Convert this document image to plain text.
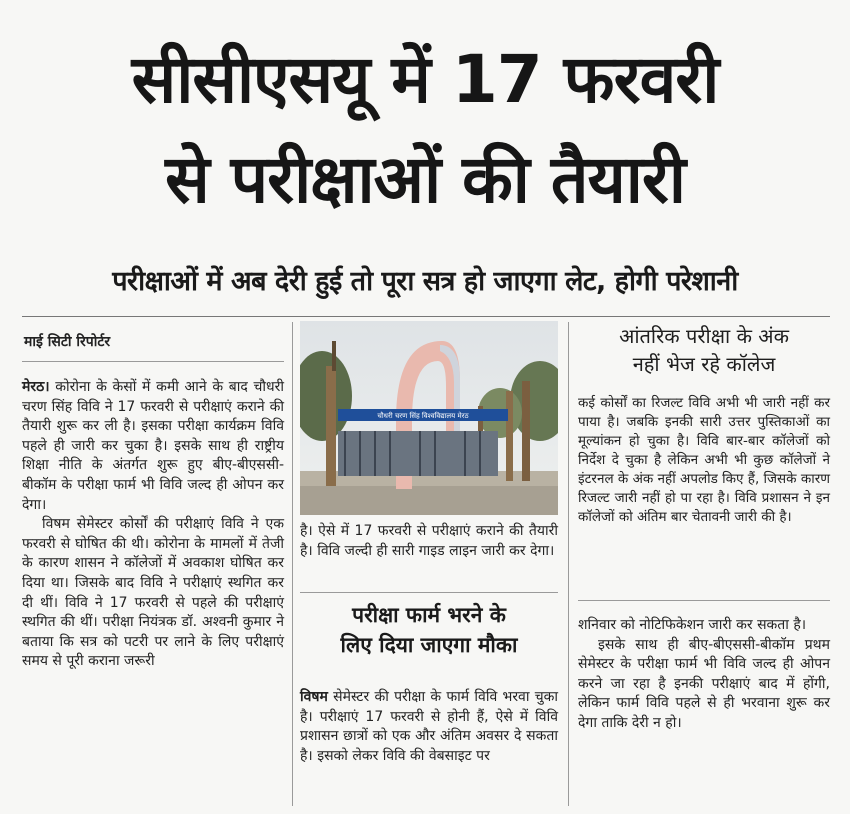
सीसीएसयू में 17 फरवरी
से परीक्षाओं की तैयारी
परीक्षाओं में अब देरी हुई तो पूरा सत्र हो जाएगा लेट, होगी परेशानी
माई सिटी रिपोर्टर

मेरठ। कोरोना के केसों में कमी आने के बाद चौधरी चरण सिंह विवि ने 17 फरवरी से परीक्षाएं कराने की तैयारी शुरू कर ली है। इसका परीक्षा कार्यक्रम विवि पहले ही जारी कर चुका है। इसके साथ ही राष्ट्रीय शिक्षा नीति के अंतर्गत शुरू हुए बीए-बीएससी-बीकॉम के परीक्षा फार्म भी विवि जल्द ही ओपन कर देगा।

विषम सेमेस्टर कोर्सों की परीक्षाएं विवि ने एक फरवरी से घोषित की थी। कोरोना के मामलों में तेजी के कारण शासन ने कॉलेजों में अवकाश घोषित कर दिया था। जिसके बाद विवि ने परीक्षाएं स्थगित कर दी थीं। विवि ने 17 फरवरी से पहले की परीक्षाएं स्थगित की थीं। परीक्षा नियंत्रक डॉ. अश्वनी कुमार ने बताया कि सत्र को पटरी पर लाने के लिए परीक्षाएं समय से पूरी कराना जरूरी

चौधरी चरण सिंह विश्वविद्यालय मेरठ

है। ऐसे में 17 फरवरी से परीक्षाएं कराने की तैयारी है। विवि जल्दी ही सारी गाइड लाइन जारी कर देगा।

परीक्षा फार्म भरने के
लिए दिया जाएगा मौका

विषम सेमेस्टर की परीक्षा के फार्म विवि भरवा चुका है। परीक्षाएं 17 फरवरी से होनी हैं, ऐसे में विवि प्रशासन छात्रों को एक और अंतिम अवसर दे सकता है। इसको लेकर विवि की वेबसाइट पर

आंतरिक परीक्षा के अंक
नहीं भेज रहे कॉलेज
कई कोर्सों का रिजल्ट विवि अभी भी जारी नहीं कर पाया है। जबकि इनकी सारी उत्तर पुस्तिकाओं का मूल्यांकन हो चुका है। विवि बार-बार कॉलेजों को निर्देश दे चुका है लेकिन अभी भी कुछ कॉलेजों ने इंटरनल के अंक नहीं अपलोड किए हैं, जिसके कारण रिजल्ट जारी नहीं हो पा रहा है। विवि प्रशासन ने इन कॉलेजों को अंतिम बार चेतावनी जारी की है।

शनिवार को नोटिफिकेशन जारी कर सकता है।

इसके साथ ही बीए-बीएससी-बीकॉम प्रथम सेमेस्टर के परीक्षा फार्म भी विवि जल्द ही ओपन करने जा रहा है इनकी परीक्षाएं बाद में होंगी, लेकिन फार्म विवि पहले से ही भरवाना शुरू कर देगा ताकि देरी न हो।
